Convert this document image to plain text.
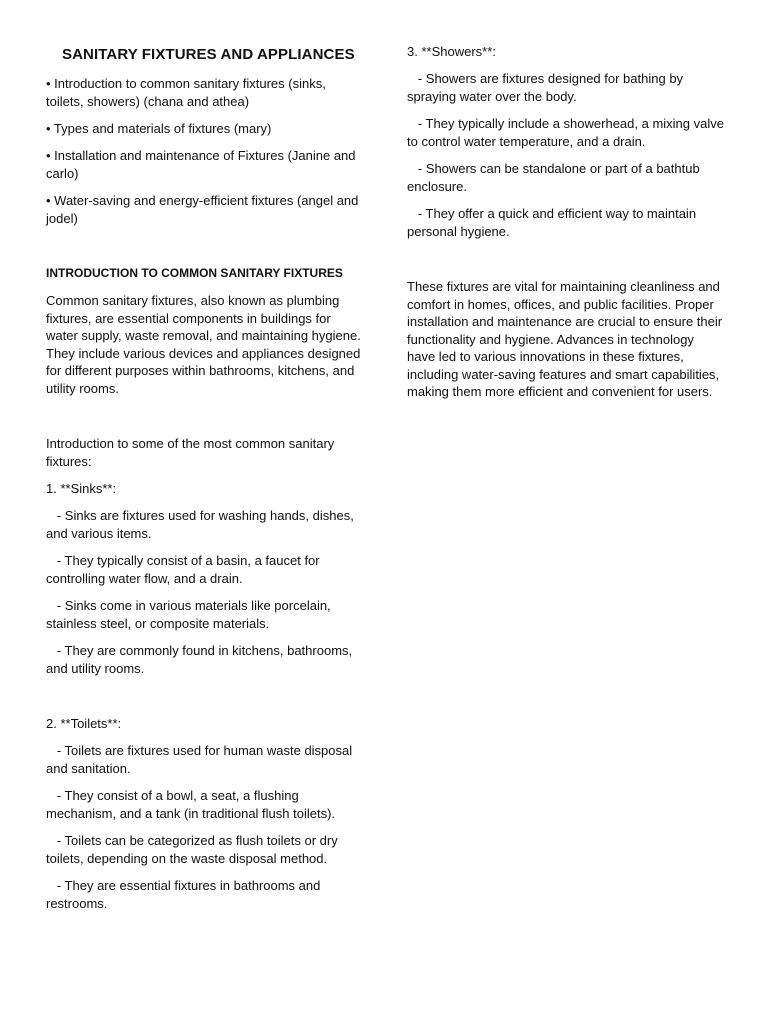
SANITARY FIXTURES AND APPLIANCES

• Introduction to common sanitary fixtures (sinks, toilets, showers) (chana and athea)

• Types and materials of fixtures (mary)

• Installation and maintenance of Fixtures (Janine and carlo)

• Water-saving and energy-efficient fixtures (angel and jodel)

INTRODUCTION TO COMMON SANITARY FIXTURES

Common sanitary fixtures, also known as plumbing fixtures, are essential components in buildings for water supply, waste removal, and maintaining hygiene. They include various devices and appliances designed for different purposes within bathrooms, kitchens, and utility rooms.

Introduction to some of the most common sanitary fixtures:

1. **Sinks**:

- Sinks are fixtures used for washing hands, dishes, and various items.

- They typically consist of a basin, a faucet for controlling water flow, and a drain.

- Sinks come in various materials like porcelain, stainless steel, or composite materials.

- They are commonly found in kitchens, bathrooms, and utility rooms.

2. **Toilets**:

- Toilets are fixtures used for human waste disposal and sanitation.

- They consist of a bowl, a seat, a flushing mechanism, and a tank (in traditional flush toilets).

- Toilets can be categorized as flush toilets or dry toilets, depending on the waste disposal method.

- They are essential fixtures in bathrooms and restrooms.

3. **Showers**:

- Showers are fixtures designed for bathing by spraying water over the body.

- They typically include a showerhead, a mixing valve to control water temperature, and a drain.

- Showers can be standalone or part of a bathtub enclosure.

- They offer a quick and efficient way to maintain personal hygiene.

These fixtures are vital for maintaining cleanliness and comfort in homes, offices, and public facilities. Proper installation and maintenance are crucial to ensure their functionality and hygiene. Advances in technology have led to various innovations in these fixtures, including water-saving features and smart capabilities, making them more efficient and convenient for users.
